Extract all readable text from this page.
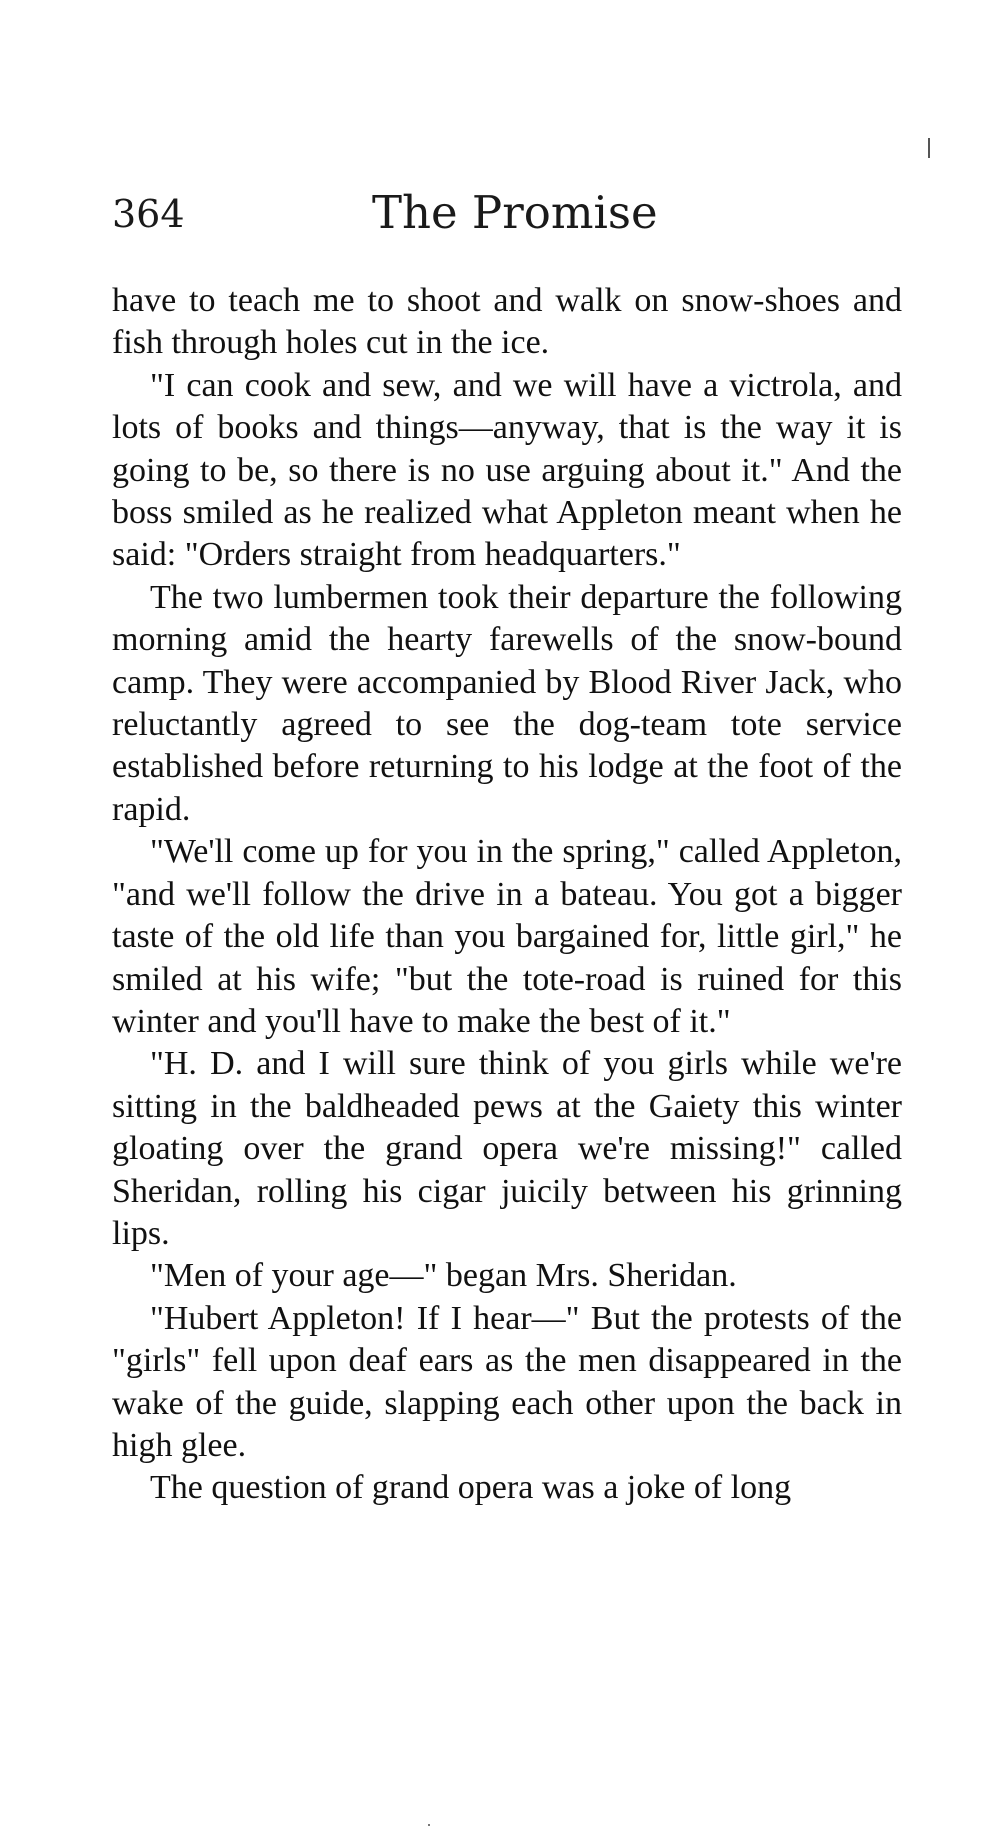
364	The Promise

have to teach me to shoot and walk on snow-shoes and fish through holes cut in the ice.

"I can cook and sew, and we will have a victrola, and lots of books and things—anyway, that is the way it is going to be, so there is no use arguing about it." And the boss smiled as he realized what Appleton meant when he said: "Orders straight from headquarters."

The two lumbermen took their departure the following morning amid the hearty farewells of the snow-bound camp. They were accompanied by Blood River Jack, who reluctantly agreed to see the dog-team tote service established before returning to his lodge at the foot of the rapid.

"We'll come up for you in the spring," called Appleton, "and we'll follow the drive in a bateau. You got a bigger taste of the old life than you bargained for, little girl," he smiled at his wife; "but the tote-road is ruined for this winter and you'll have to make the best of it."

"H. D. and I will sure think of you girls while we're sitting in the baldheaded pews at the Gaiety this winter gloating over the grand opera we're missing!" called Sheridan, rolling his cigar juicily between his grinning lips.

"Men of your age—" began Mrs. Sheridan.

"Hubert Appleton! If I hear—" But the protests of the "girls" fell upon deaf ears as the men disappeared in the wake of the guide, slapping each other upon the back in high glee.

The question of grand opera was a joke of long
